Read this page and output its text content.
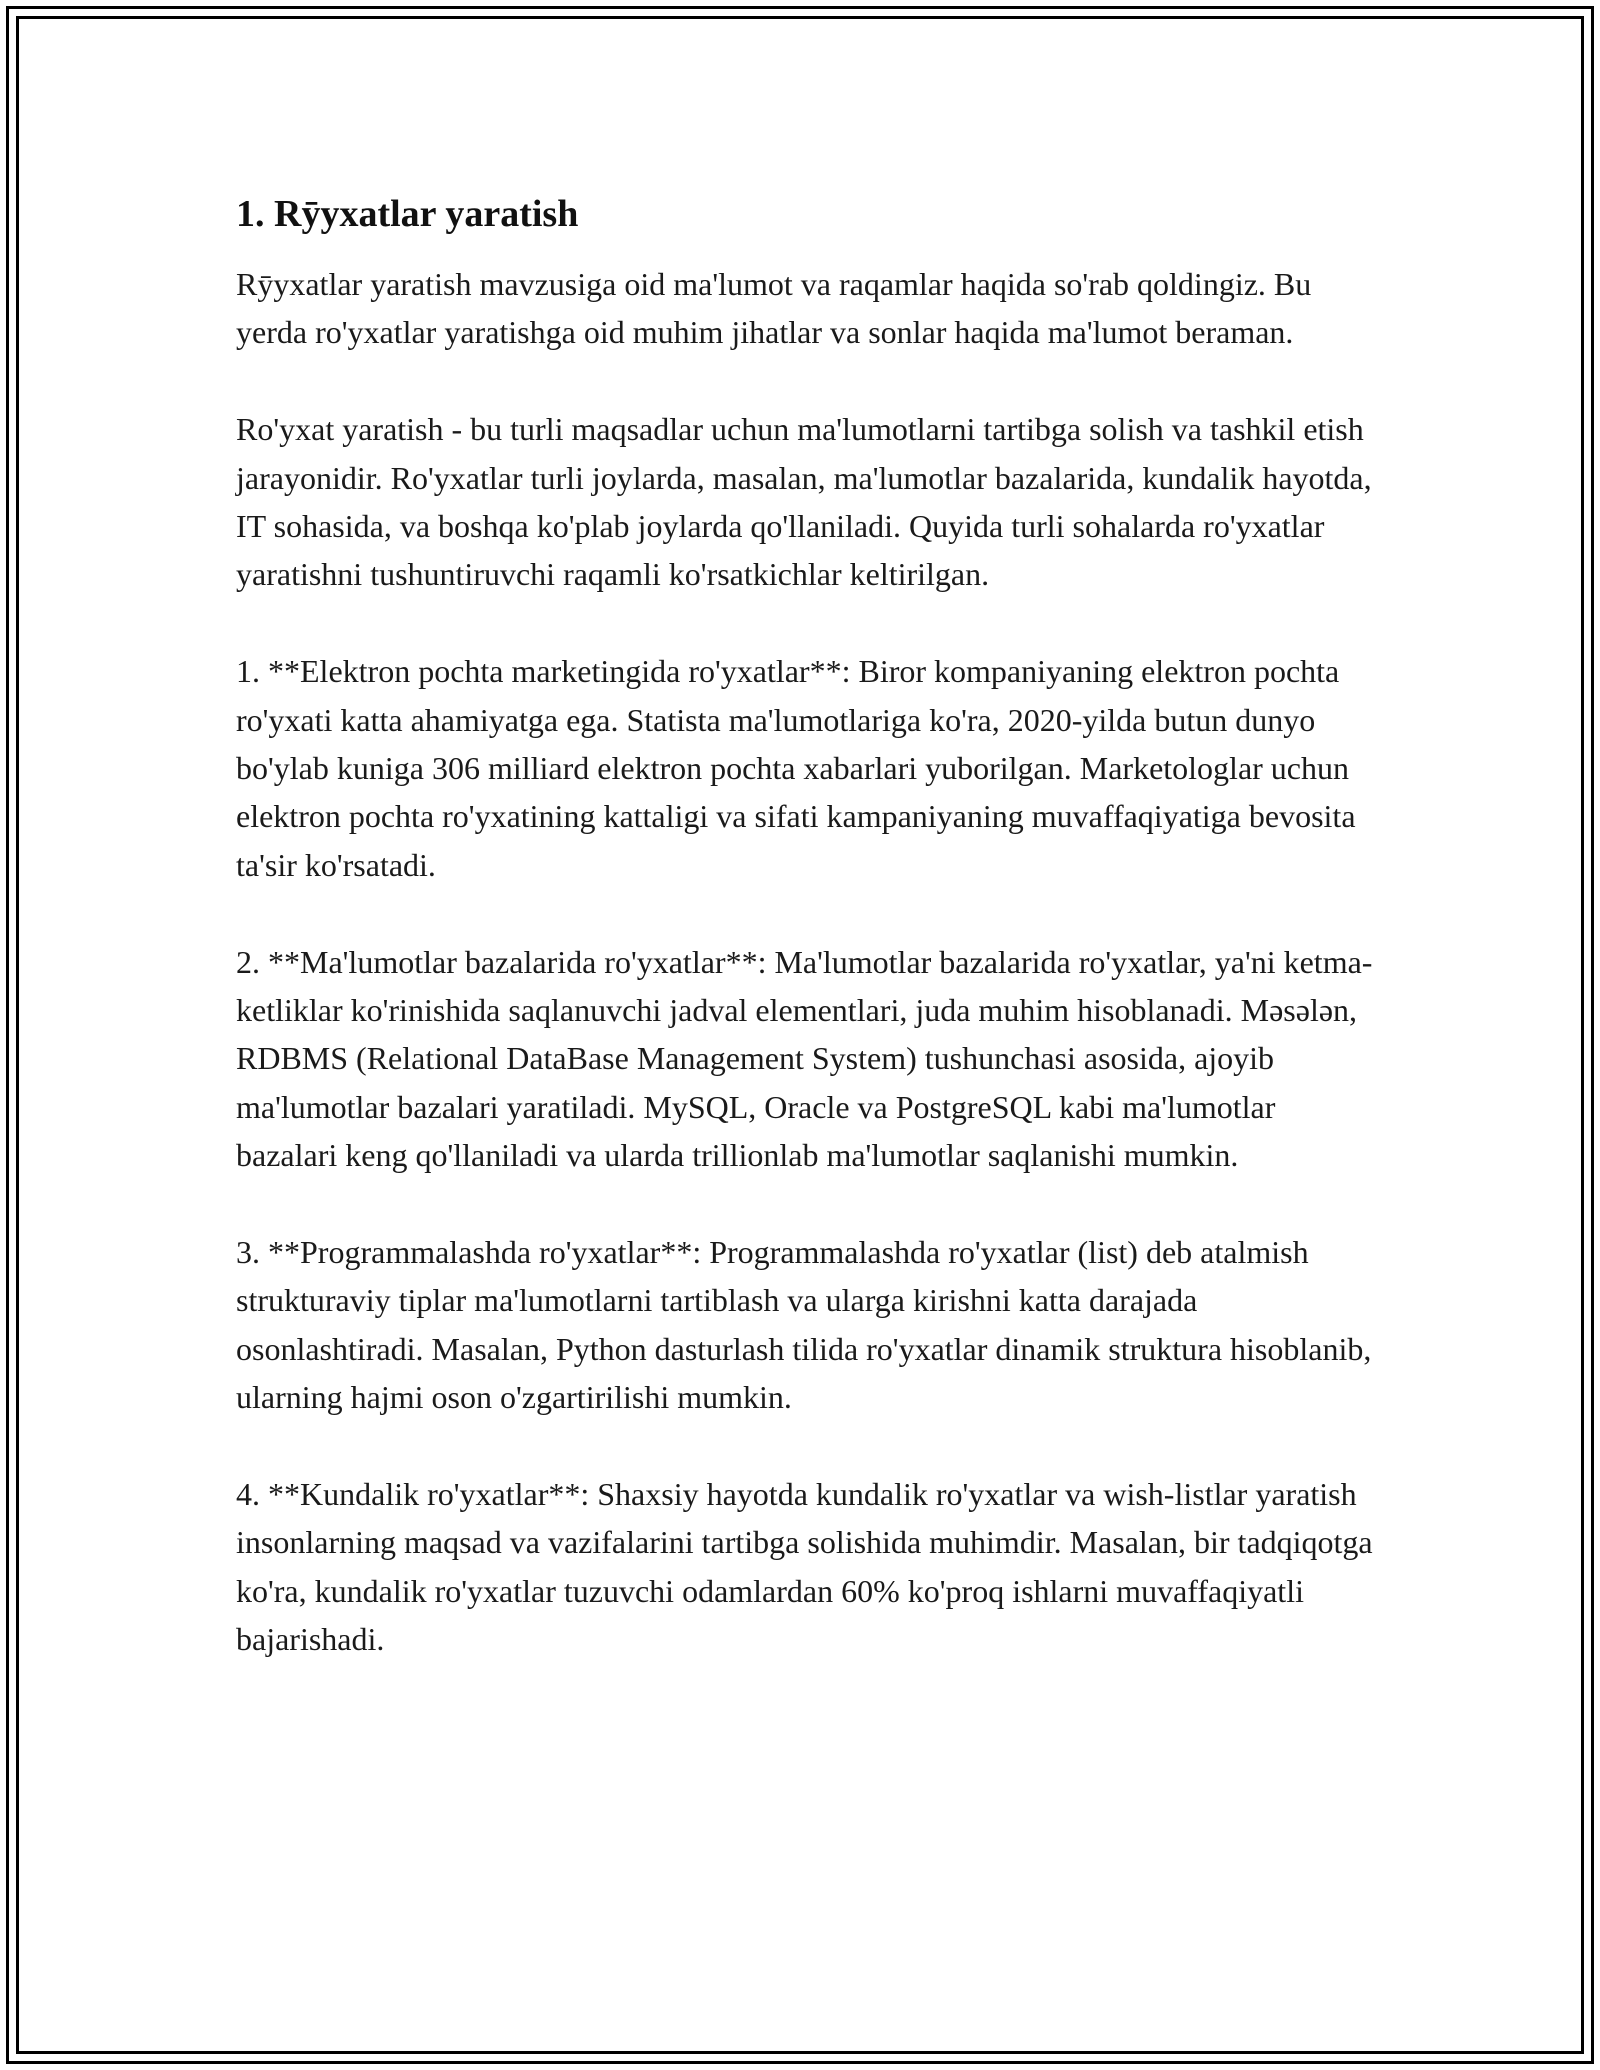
1. Rȳyxatlar yaratish

Rȳyxatlar yaratish mavzusiga oid ma'lumot va raqamlar haqida so'rab qoldingiz. Bu yerda ro'yxatlar yaratishga oid muhim jihatlar va sonlar haqida ma'lumot beraman.

Ro'yxat yaratish - bu turli maqsadlar uchun ma'lumotlarni tartibga solish va tashkil etish jarayonidir. Ro'yxatlar turli joylarda, masalan, ma'lumotlar bazalarida, kundalik hayotda, IT sohasida, va boshqa ko'plab joylarda qo'llaniladi. Quyida turli sohalarda ro'yxatlar yaratishni tushuntiruvchi raqamli ko'rsatkichlar keltirilgan.

1. **Elektron pochta marketingida ro'yxatlar**: Biror kompaniyaning elektron pochta ro'yxati katta ahamiyatga ega. Statista ma'lumotlariga ko'ra, 2020-yilda butun dunyo bo'ylab kuniga 306 milliard elektron pochta xabarlari yuborilgan. Marketologlar uchun elektron pochta ro'yxatining kattaligi va sifati kampaniyaning muvaffaqiyatiga bevosita ta'sir ko'rsatadi.

2. **Ma'lumotlar bazalarida ro'yxatlar**: Ma'lumotlar bazalarida ro'yxatlar, ya'ni ketma-ketliklar ko'rinishida saqlanuvchi jadval elementlari, juda muhim hisoblanadi. Məsələn, RDBMS (Relational DataBase Management System) tushunchasi asosida, ajoyib ma'lumotlar bazalari yaratiladi. MySQL, Oracle va PostgreSQL kabi ma'lumotlar bazalari keng qo'llaniladi va ularda trillionlab ma'lumotlar saqlanishi mumkin.

3. **Programmalashda ro'yxatlar**: Programmalashda ro'yxatlar (list) deb atalmish strukturaviy tiplar ma'lumotlarni tartiblash va ularga kirishni katta darajada osonlashtiradi. Masalan, Python dasturlash tilida ro'yxatlar dinamik struktura hisoblanib, ularning hajmi oson o'zgartirilishi mumkin.

4. **Kundalik ro'yxatlar**: Shaxsiy hayotda kundalik ro'yxatlar va wish-listlar yaratish insonlarning maqsad va vazifalarini tartibga solishida muhimdir. Masalan, bir tadqiqotga ko'ra, kundalik ro'yxatlar tuzuvchi odamlardan 60% ko'proq ishlarni muvaffaqiyatli bajarishadi.
